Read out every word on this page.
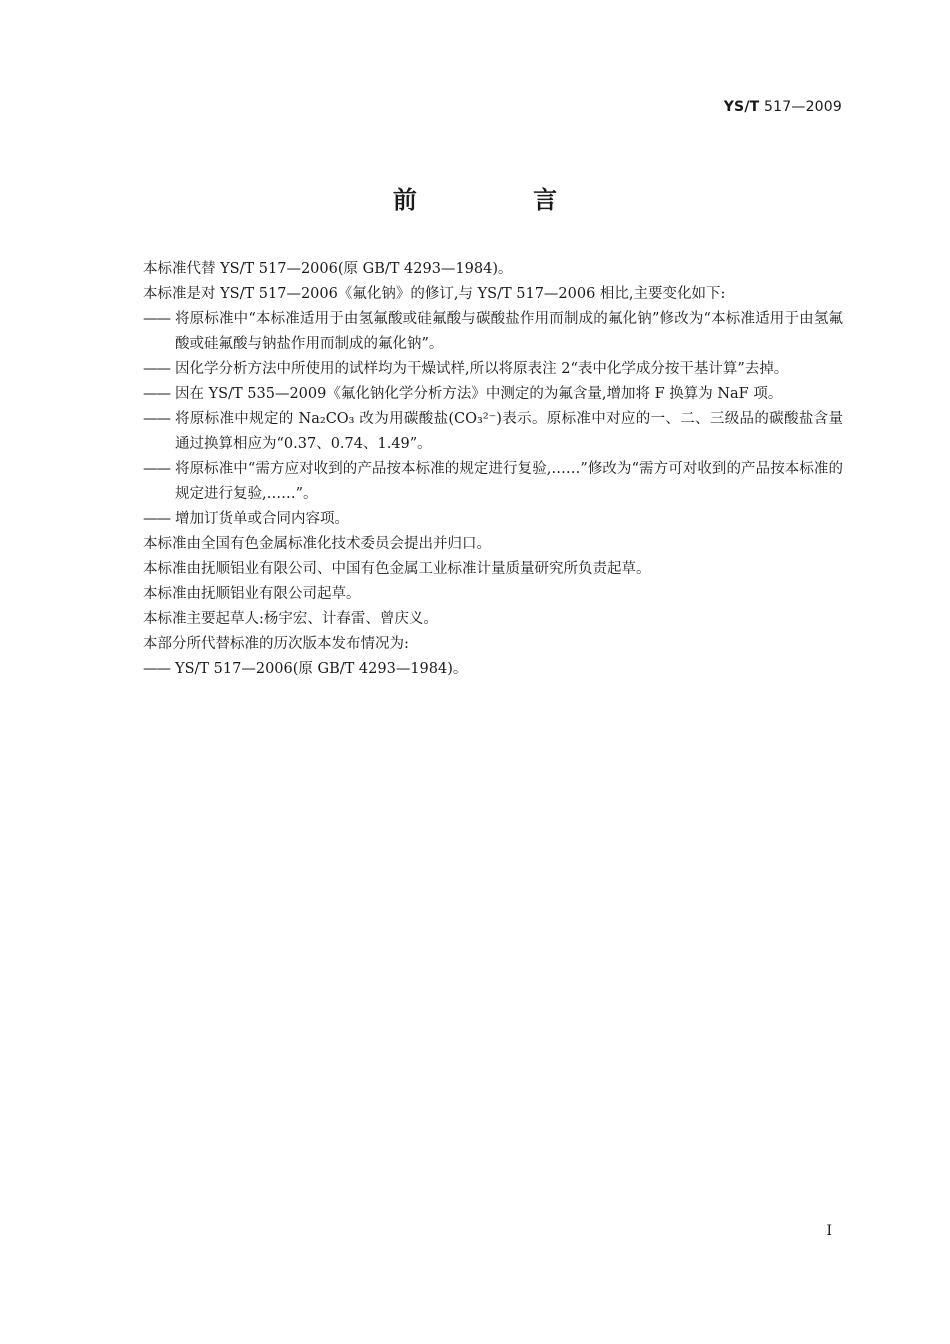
YS/T 517—2009
前 言

本标准代替 YS/T 517—2006(原 GB/T 4293—1984)。

本标准是对 YS/T 517—2006《氟化钠》的修订,与 YS/T 517—2006 相比,主要变化如下:

—— 将原标准中“本标准适用于由氢氟酸或硅氟酸与碳酸盐作用而制成的氟化钠”修改为“本标准适用于由氢氟酸或硅氟酸与钠盐作用而制成的氟化钠”。
—— 因化学分析方法中所使用的试样均为干燥试样,所以将原表注 2“表中化学成分按干基计算”去掉。
—— 因在 YS/T 535—2009《氟化钠化学分析方法》中测定的为氟含量,增加将 F 换算为 NaF 项。
—— 将原标准中规定的 Na₂CO₃ 改为用碳酸盐(CO₃²⁻)表示。原标准中对应的一、二、三级品的碳酸盐含量通过换算相应为“0.37、0.74、1.49”。
—— 将原标准中“需方应对收到的产品按本标准的规定进行复验,……”修改为“需方可对收到的产品按本标准的规定进行复验,……”。
—— 增加订货单或合同内容项。

本标准由全国有色金属标准化技术委员会提出并归口。

本标准由抚顺铝业有限公司、中国有色金属工业标准计量质量研究所负责起草。

本标准由抚顺铝业有限公司起草。

本标准主要起草人:杨宇宏、计春雷、曾庆义。

本部分所代替标准的历次版本发布情况为:

—— YS/T 517—2006(原 GB/T 4293—1984)。
I
